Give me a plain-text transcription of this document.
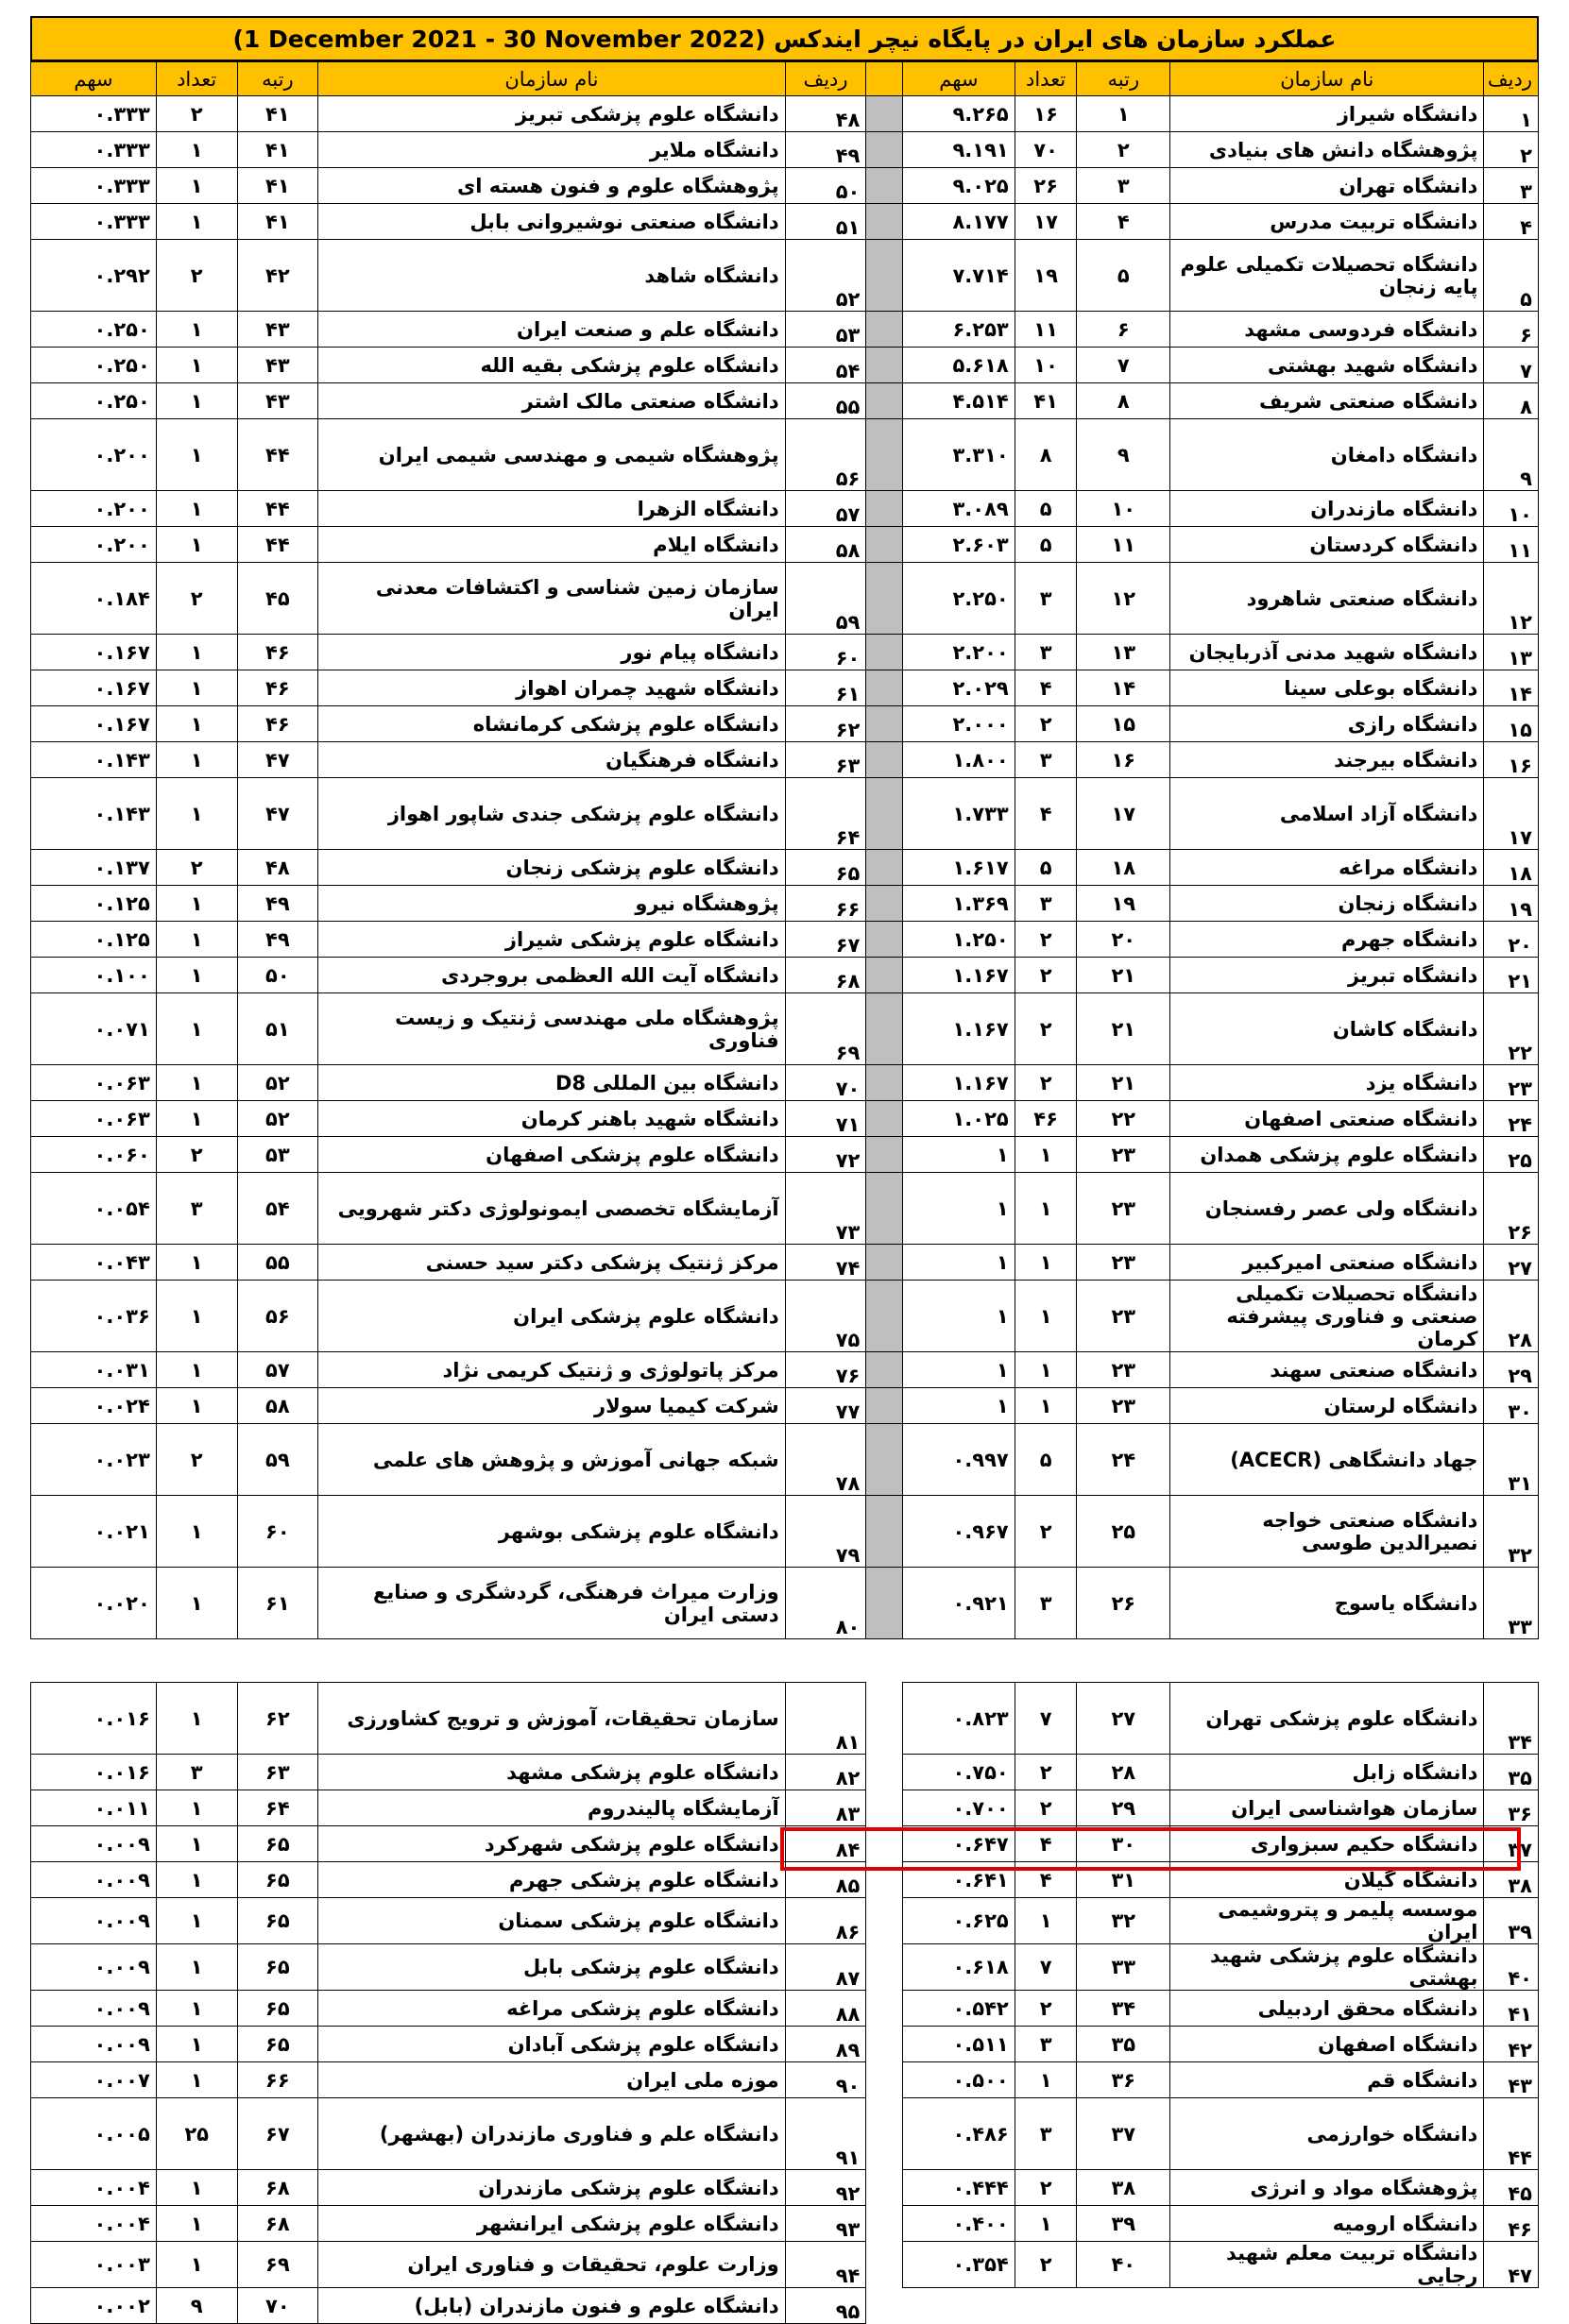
(1 December 2021 - 30 November 2022)
عملکرد سازمان های ایران در پایگاه نیچر ایندکس
ردیف	نام سازمان	رتبه	تعداد	سهم		ردیف	نام سازمان	رتبه	تعداد	سهم
۱	دانشگاه شیراز	۱	۱۶	۹.۲۶۵		۴۸	دانشگاه علوم پزشکی تبریز	۴۱	۲	۰.۳۳۳
۲	پژوهشگاه دانش های بنیادی	۲	۷۰	۹.۱۹۱		۴۹	دانشگاه ملایر	۴۱	۱	۰.۳۳۳
۳	دانشگاه تهران	۳	۲۶	۹.۰۲۵		۵۰	پژوهشگاه علوم و فنون هسته ای	۴۱	۱	۰.۳۳۳
۴	دانشگاه تربیت مدرس	۴	۱۷	۸.۱۷۷		۵۱	دانشگاه صنعتی نوشیروانی بابل	۴۱	۱	۰.۳۳۳
۵	دانشگاه تحصیلات تکمیلی علوم پایه زنجان	۵	۱۹	۷.۷۱۴		۵۲	دانشگاه شاهد	۴۲	۲	۰.۲۹۲
۶	دانشگاه فردوسی مشهد	۶	۱۱	۶.۲۵۳		۵۳	دانشگاه علم و صنعت ایران	۴۳	۱	۰.۲۵۰
۷	دانشگاه شهید بهشتی	۷	۱۰	۵.۶۱۸		۵۴	دانشگاه علوم پزشکی بقیه الله	۴۳	۱	۰.۲۵۰
۸	دانشگاه صنعتی شریف	۸	۴۱	۴.۵۱۴		۵۵	دانشگاه صنعتی مالک اشتر	۴۳	۱	۰.۲۵۰
۹	دانشگاه دامغان	۹	۸	۳.۳۱۰		۵۶	پژوهشگاه شیمی و مهندسی شیمی ایران	۴۴	۱	۰.۲۰۰
۱۰	دانشگاه مازندران	۱۰	۵	۳.۰۸۹		۵۷	دانشگاه الزهرا	۴۴	۱	۰.۲۰۰
۱۱	دانشگاه کردستان	۱۱	۵	۲.۶۰۳		۵۸	دانشگاه ایلام	۴۴	۱	۰.۲۰۰
۱۲	دانشگاه صنعتی شاهرود	۱۲	۳	۲.۲۵۰		۵۹	سازمان زمین شناسی و اکتشافات معدنی ایران	۴۵	۲	۰.۱۸۴
۱۳	دانشگاه شهید مدنی آذربایجان	۱۳	۳	۲.۲۰۰		۶۰	دانشگاه پیام نور	۴۶	۱	۰.۱۶۷
۱۴	دانشگاه بوعلی سینا	۱۴	۴	۲.۰۲۹		۶۱	دانشگاه شهید چمران اهواز	۴۶	۱	۰.۱۶۷
۱۵	دانشگاه رازی	۱۵	۲	۲.۰۰۰		۶۲	دانشگاه علوم پزشکی کرمانشاه	۴۶	۱	۰.۱۶۷
۱۶	دانشگاه بیرجند	۱۶	۳	۱.۸۰۰		۶۳	دانشگاه فرهنگیان	۴۷	۱	۰.۱۴۳
۱۷	دانشگاه آزاد اسلامی	۱۷	۴	۱.۷۳۳		۶۴	دانشگاه علوم پزشکی جندی شاپور اهواز	۴۷	۱	۰.۱۴۳
۱۸	دانشگاه مراغه	۱۸	۵	۱.۶۱۷		۶۵	دانشگاه علوم پزشکی زنجان	۴۸	۲	۰.۱۳۷
۱۹	دانشگاه زنجان	۱۹	۳	۱.۳۶۹		۶۶	پژوهشگاه نیرو	۴۹	۱	۰.۱۲۵
۲۰	دانشگاه جهرم	۲۰	۲	۱.۲۵۰		۶۷	دانشگاه علوم پزشکی شیراز	۴۹	۱	۰.۱۲۵
۲۱	دانشگاه تبریز	۲۱	۲	۱.۱۶۷		۶۸	دانشگاه آیت الله العظمی بروجردی	۵۰	۱	۰.۱۰۰
۲۲	دانشگاه کاشان	۲۱	۲	۱.۱۶۷		۶۹	پژوهشگاه ملی مهندسی ژنتیک و زیست فناوری	۵۱	۱	۰.۰۷۱
۲۳	دانشگاه یزد	۲۱	۲	۱.۱۶۷		۷۰	دانشگاه بین المللی D8	۵۲	۱	۰.۰۶۳
۲۴	دانشگاه صنعتی اصفهان	۲۲	۴۶	۱.۰۲۵		۷۱	دانشگاه شهید باهنر کرمان	۵۲	۱	۰.۰۶۳
۲۵	دانشگاه علوم پزشکی همدان	۲۳	۱	۱		۷۲	دانشگاه علوم پزشکی اصفهان	۵۳	۲	۰.۰۶۰
۲۶	دانشگاه ولی عصر رفسنجان	۲۳	۱	۱		۷۳	آزمایشگاه تخصصی ایمونولوژی دکتر شهرویی	۵۴	۳	۰.۰۵۴
۲۷	دانشگاه صنعتی امیرکبیر	۲۳	۱	۱		۷۴	مرکز ژنتیک پزشکی دکتر سید حسنی	۵۵	۱	۰.۰۴۳
۲۸	دانشگاه تحصیلات تکمیلی صنعتی و فناوری پیشرفته کرمان	۲۳	۱	۱		۷۵	دانشگاه علوم پزشکی ایران	۵۶	۱	۰.۰۳۶
۲۹	دانشگاه صنعتی سهند	۲۳	۱	۱		۷۶	مرکز پاتولوژی و ژنتیک کریمی نژاد	۵۷	۱	۰.۰۳۱
۳۰	دانشگاه لرستان	۲۳	۱	۱		۷۷	شرکت کیمیا سولار	۵۸	۱	۰.۰۲۴
۳۱	جهاد دانشگاهی (ACECR)	۲۴	۵	۰.۹۹۷		۷۸	شبکه جهانی آموزش و پژوهش های علمی	۵۹	۲	۰.۰۲۳
۳۲	دانشگاه صنعتی خواجه نصیرالدین طوسی	۲۵	۲	۰.۹۶۷		۷۹	دانشگاه علوم پزشکی بوشهر	۶۰	۱	۰.۰۲۱
۳۳	دانشگاه یاسوج	۲۶	۳	۰.۹۲۱		۸۰	وزارت میراث فرهنگی، گردشگری و صنایع دستی ایران	۶۱	۱	۰.۰۲۰
۳۴	دانشگاه علوم پزشکی تهران	۲۷	۷	۰.۸۲۳		۸۱	سازمان تحقیقات، آموزش و ترویج کشاورزی	۶۲	۱	۰.۰۱۶
۳۵	دانشگاه زابل	۲۸	۲	۰.۷۵۰		۸۲	دانشگاه علوم پزشکی مشهد	۶۳	۳	۰.۰۱۶
۳۶	سازمان هواشناسی ایران	۲۹	۲	۰.۷۰۰		۸۳	آزمایشگاه پالیندروم	۶۴	۱	۰.۰۱۱
۳۷	دانشگاه حکیم سبزواری	۳۰	۴	۰.۶۴۷		۸۴	دانشگاه علوم پزشکی شهرکرد	۶۵	۱	۰.۰۰۹
۳۸	دانشگاه گیلان	۳۱	۴	۰.۶۴۱		۸۵	دانشگاه علوم پزشکی جهرم	۶۵	۱	۰.۰۰۹
۳۹	موسسه پلیمر و پتروشیمی ایران	۳۲	۱	۰.۶۲۵		۸۶	دانشگاه علوم پزشکی سمنان	۶۵	۱	۰.۰۰۹
۴۰	دانشگاه علوم پزشکی شهید بهشتی	۳۳	۷	۰.۶۱۸		۸۷	دانشگاه علوم پزشکی بابل	۶۵	۱	۰.۰۰۹
۴۱	دانشگاه محقق اردبیلی	۳۴	۲	۰.۵۴۲		۸۸	دانشگاه علوم پزشکی مراغه	۶۵	۱	۰.۰۰۹
۴۲	دانشگاه اصفهان	۳۵	۳	۰.۵۱۱		۸۹	دانشگاه علوم پزشکی آبادان	۶۵	۱	۰.۰۰۹
۴۳	دانشگاه قم	۳۶	۱	۰.۵۰۰		۹۰	موزه ملی ایران	۶۶	۱	۰.۰۰۷
۴۴	دانشگاه خوارزمی	۳۷	۳	۰.۴۸۶		۹۱	دانشگاه علم و فناوری مازندران (بهشهر)	۶۷	۲۵	۰.۰۰۵
۴۵	پژوهشگاه مواد و انرژی	۳۸	۲	۰.۴۴۴		۹۲	دانشگاه علوم پزشکی مازندران	۶۸	۱	۰.۰۰۴
۴۶	دانشگاه ارومیه	۳۹	۱	۰.۴۰۰		۹۳	دانشگاه علوم پزشکی ایرانشهر	۶۸	۱	۰.۰۰۴
۴۷	دانشگاه تربیت معلم شهید رجایی	۴۰	۲	۰.۳۵۴		۹۴	وزارت علوم، تحقیقات و فناوری ایران	۶۹	۱	۰.۰۰۳
						۹۵	دانشگاه علوم و فنون مازندران (بابل)	۷۰	۹	۰.۰۰۲
